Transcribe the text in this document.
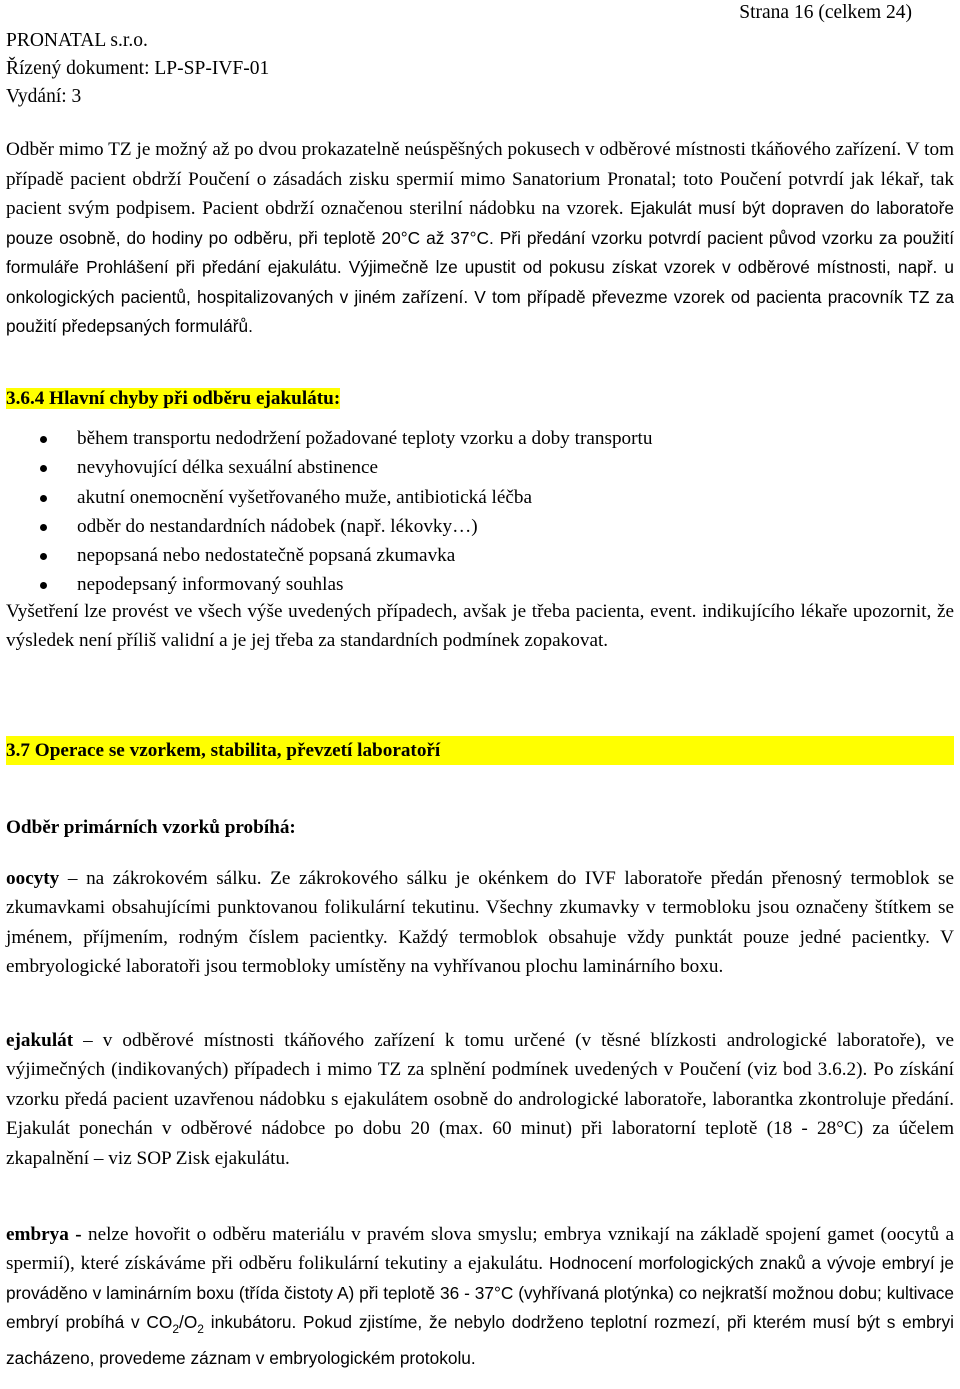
Strana 16 (celkem 24)
PRONATAL s.r.o.
Řízený dokument: LP-SP-IVF-01
Vydání: 3

Odběr mimo TZ je možný až po dvou prokazatelně neúspěšných pokusech v odběrové místnosti tkáňového zařízení. V tom případě pacient obdrží Poučení o zásadách zisku spermií mimo Sanatorium Pronatal; toto Poučení potvrdí jak lékař, tak pacient svým podpisem. Pacient obdrží označenou sterilní nádobku na vzorek. Ejakulát musí být dopraven do laboratoře pouze osobně, do hodiny po odběru, při teplotě 20°C až 37°C. Při předání vzorku potvrdí pacient původ vzorku za použití formuláře Prohlášení při předání ejakulátu. Výjimečně lze upustit od pokusu získat vzorek v odběrové místnosti, např. u onkologických pacientů, hospitalizovaných v jiném zařízení. V tom případě převezme vzorek od pacienta pracovník TZ za použití předepsaných formulářů.

3.6.4 Hlavní chyby při odběru ejakulátu:
během transportu nedodržení požadované teploty vzorku a doby transportu
nevyhovující délka sexuální abstinence
akutní onemocnění vyšetřovaného muže, antibiotická léčba
odběr do nestandardních nádobek (např. lékovky…)
nepopsaná nebo nedostatečně popsaná zkumavka
nepodepsaný informovaný souhlas

Vyšetření lze provést ve všech výše uvedených případech, avšak je třeba pacienta, event. indikujícího lékaře upozornit, že výsledek není příliš validní a je jej třeba za standardních podmínek zopakovat.

3.7 Operace se vzorkem, stabilita, převzetí laboratoří
Odběr primárních vzorků probíhá:

oocyty – na zákrokovém sálku. Ze zákrokového sálku je okénkem do IVF laboratoře předán přenosný termoblok se zkumavkami obsahujícími punktovanou folikulární tekutinu. Všechny zkumavky v termobloku jsou označeny štítkem se jménem, příjmením, rodným číslem pacientky. Každý termoblok obsahuje vždy punktát pouze jedné pacientky. V embryologické laboratoři jsou termobloky umístěny na vyhřívanou plochu laminárního boxu.

ejakulát – v odběrové místnosti tkáňového zařízení k tomu určené (v těsné blízkosti andrologické laboratoře), ve výjimečných (indikovaných) případech i mimo TZ za splnění podmínek uvedených v Poučení (viz bod 3.6.2). Po získání vzorku předá pacient uzavřenou nádobku s ejakulátem osobně do andrologické laboratoře, laborantka zkontroluje předání. Ejakulát ponechán v odběrové nádobce po dobu 20 (max. 60 minut) při laboratorní teplotě (18 - 28°C) za účelem zkapalnění – viz SOP Zisk ejakulátu.

embrya - nelze hovořit o odběru materiálu v pravém slova smyslu; embrya vznikají na základě spojení gamet (oocytů a spermií), které získáváme při odběru folikulární tekutiny a ejakulátu. Hodnocení morfologických znaků a vývoje embryí je prováděno v laminárním boxu (třída čistoty A) při teplotě 36 - 37°C (vyhřívaná plotýnka) co nejkratší možnou dobu; kultivace embryí probíhá v $CO_2/O_2$ inkubátoru. Pokud zjistíme, že nebylo dodrženo teplotní rozmezí, při kterém musí být s embryi zacházeno, provedeme záznam v embryologickém protokolu.
